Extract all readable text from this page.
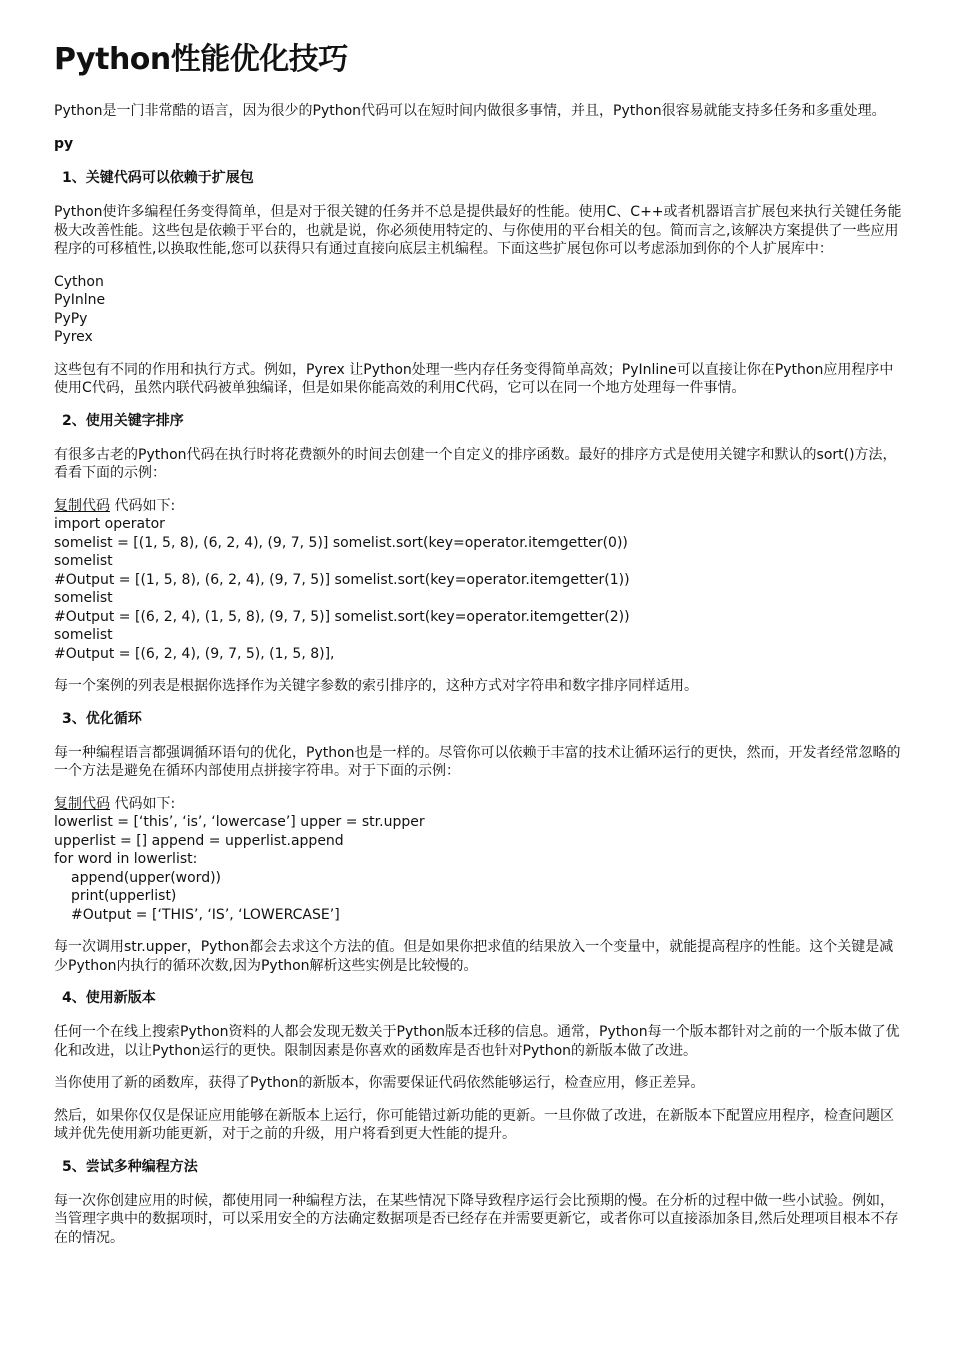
Python性能优化技巧

Python是一门非常酷的语言，因为很少的Python代码可以在短时间内做很多事情，并且，Python很容易就能支持多任务和多重处理。

py

1、关键代码可以依赖于扩展包

Python使许多编程任务变得简单，但是对于很关键的任务并不总是提供最好的性能。使用C、C++或者机器语言扩展包来执行关键任务能极大改善性能。这些包是依赖于平台的，也就是说，你必须使用特定的、与你使用的平台相关的包。简而言之,该解决方案提供了一些应用程序的可移植性,以换取性能,您可以获得只有通过直接向底层主机编程。下面这些扩展包你可以考虑添加到你的个人扩展库中：

Cython
PyInlne
PyPy
Pyrex

这些包有不同的作用和执行方式。例如，Pyrex 让Python处理一些内存任务变得简单高效；PyInline可以直接让你在Python应用程序中使用C代码，虽然内联代码被单独编译，但是如果你能高效的利用C代码，它可以在同一个地方处理每一件事情。

2、使用关键字排序

有很多古老的Python代码在执行时将花费额外的时间去创建一个自定义的排序函数。最好的排序方式是使用关键字和默认的sort()方法，看看下面的示例：

复制代码 代码如下:
import operator
somelist = [(1, 5, 8), (6, 2, 4), (9, 7, 5)] somelist.sort(key=operator.itemgetter(0))
somelist
#Output = [(1, 5, 8), (6, 2, 4), (9, 7, 5)] somelist.sort(key=operator.itemgetter(1))
somelist
#Output = [(6, 2, 4), (1, 5, 8), (9, 7, 5)] somelist.sort(key=operator.itemgetter(2))
somelist
#Output = [(6, 2, 4), (9, 7, 5), (1, 5, 8)],

每一个案例的列表是根据你选择作为关键字参数的索引排序的，这种方式对字符串和数字排序同样适用。

3、优化循环

每一种编程语言都强调循环语句的优化，Python也是一样的。尽管你可以依赖于丰富的技术让循环运行的更快，然而，开发者经常忽略的一个方法是避免在循环内部使用点拼接字符串。对于下面的示例：

复制代码 代码如下:
lowerlist = [‘this’, ‘is’, ‘lowercase’] upper = str.upper
upperlist = [] append = upperlist.append
for word in lowerlist:
append(upper(word))
print(upperlist)
#Output = [‘THIS’, ‘IS’, ‘LOWERCASE’]

每一次调用str.upper，Python都会去求这个方法的值。但是如果你把求值的结果放入一个变量中，就能提高程序的性能。这个关键是减少Python内执行的循环次数,因为Python解析这些实例是比较慢的。

4、使用新版本

任何一个在线上搜索Python资料的人都会发现无数关于Python版本迁移的信息。通常，Python每一个版本都针对之前的一个版本做了优化和改进，以让Python运行的更快。限制因素是你喜欢的函数库是否也针对Python的新版本做了改进。

当你使用了新的函数库，获得了Python的新版本，你需要保证代码依然能够运行，检查应用，修正差异。

然后，如果你仅仅是保证应用能够在新版本上运行，你可能错过新功能的更新。一旦你做了改进，在新版本下配置应用程序，检查问题区域并优先使用新功能更新，对于之前的升级，用户将看到更大性能的提升。

5、尝试多种编程方法

每一次你创建应用的时候，都使用同一种编程方法，在某些情况下降导致程序运行会比预期的慢。在分析的过程中做一些小试验。例如，当管理字典中的数据项时，可以采用安全的方法确定数据项是否已经存在并需要更新它，或者你可以直接添加条目,然后处理项目根本不存在的情况。
